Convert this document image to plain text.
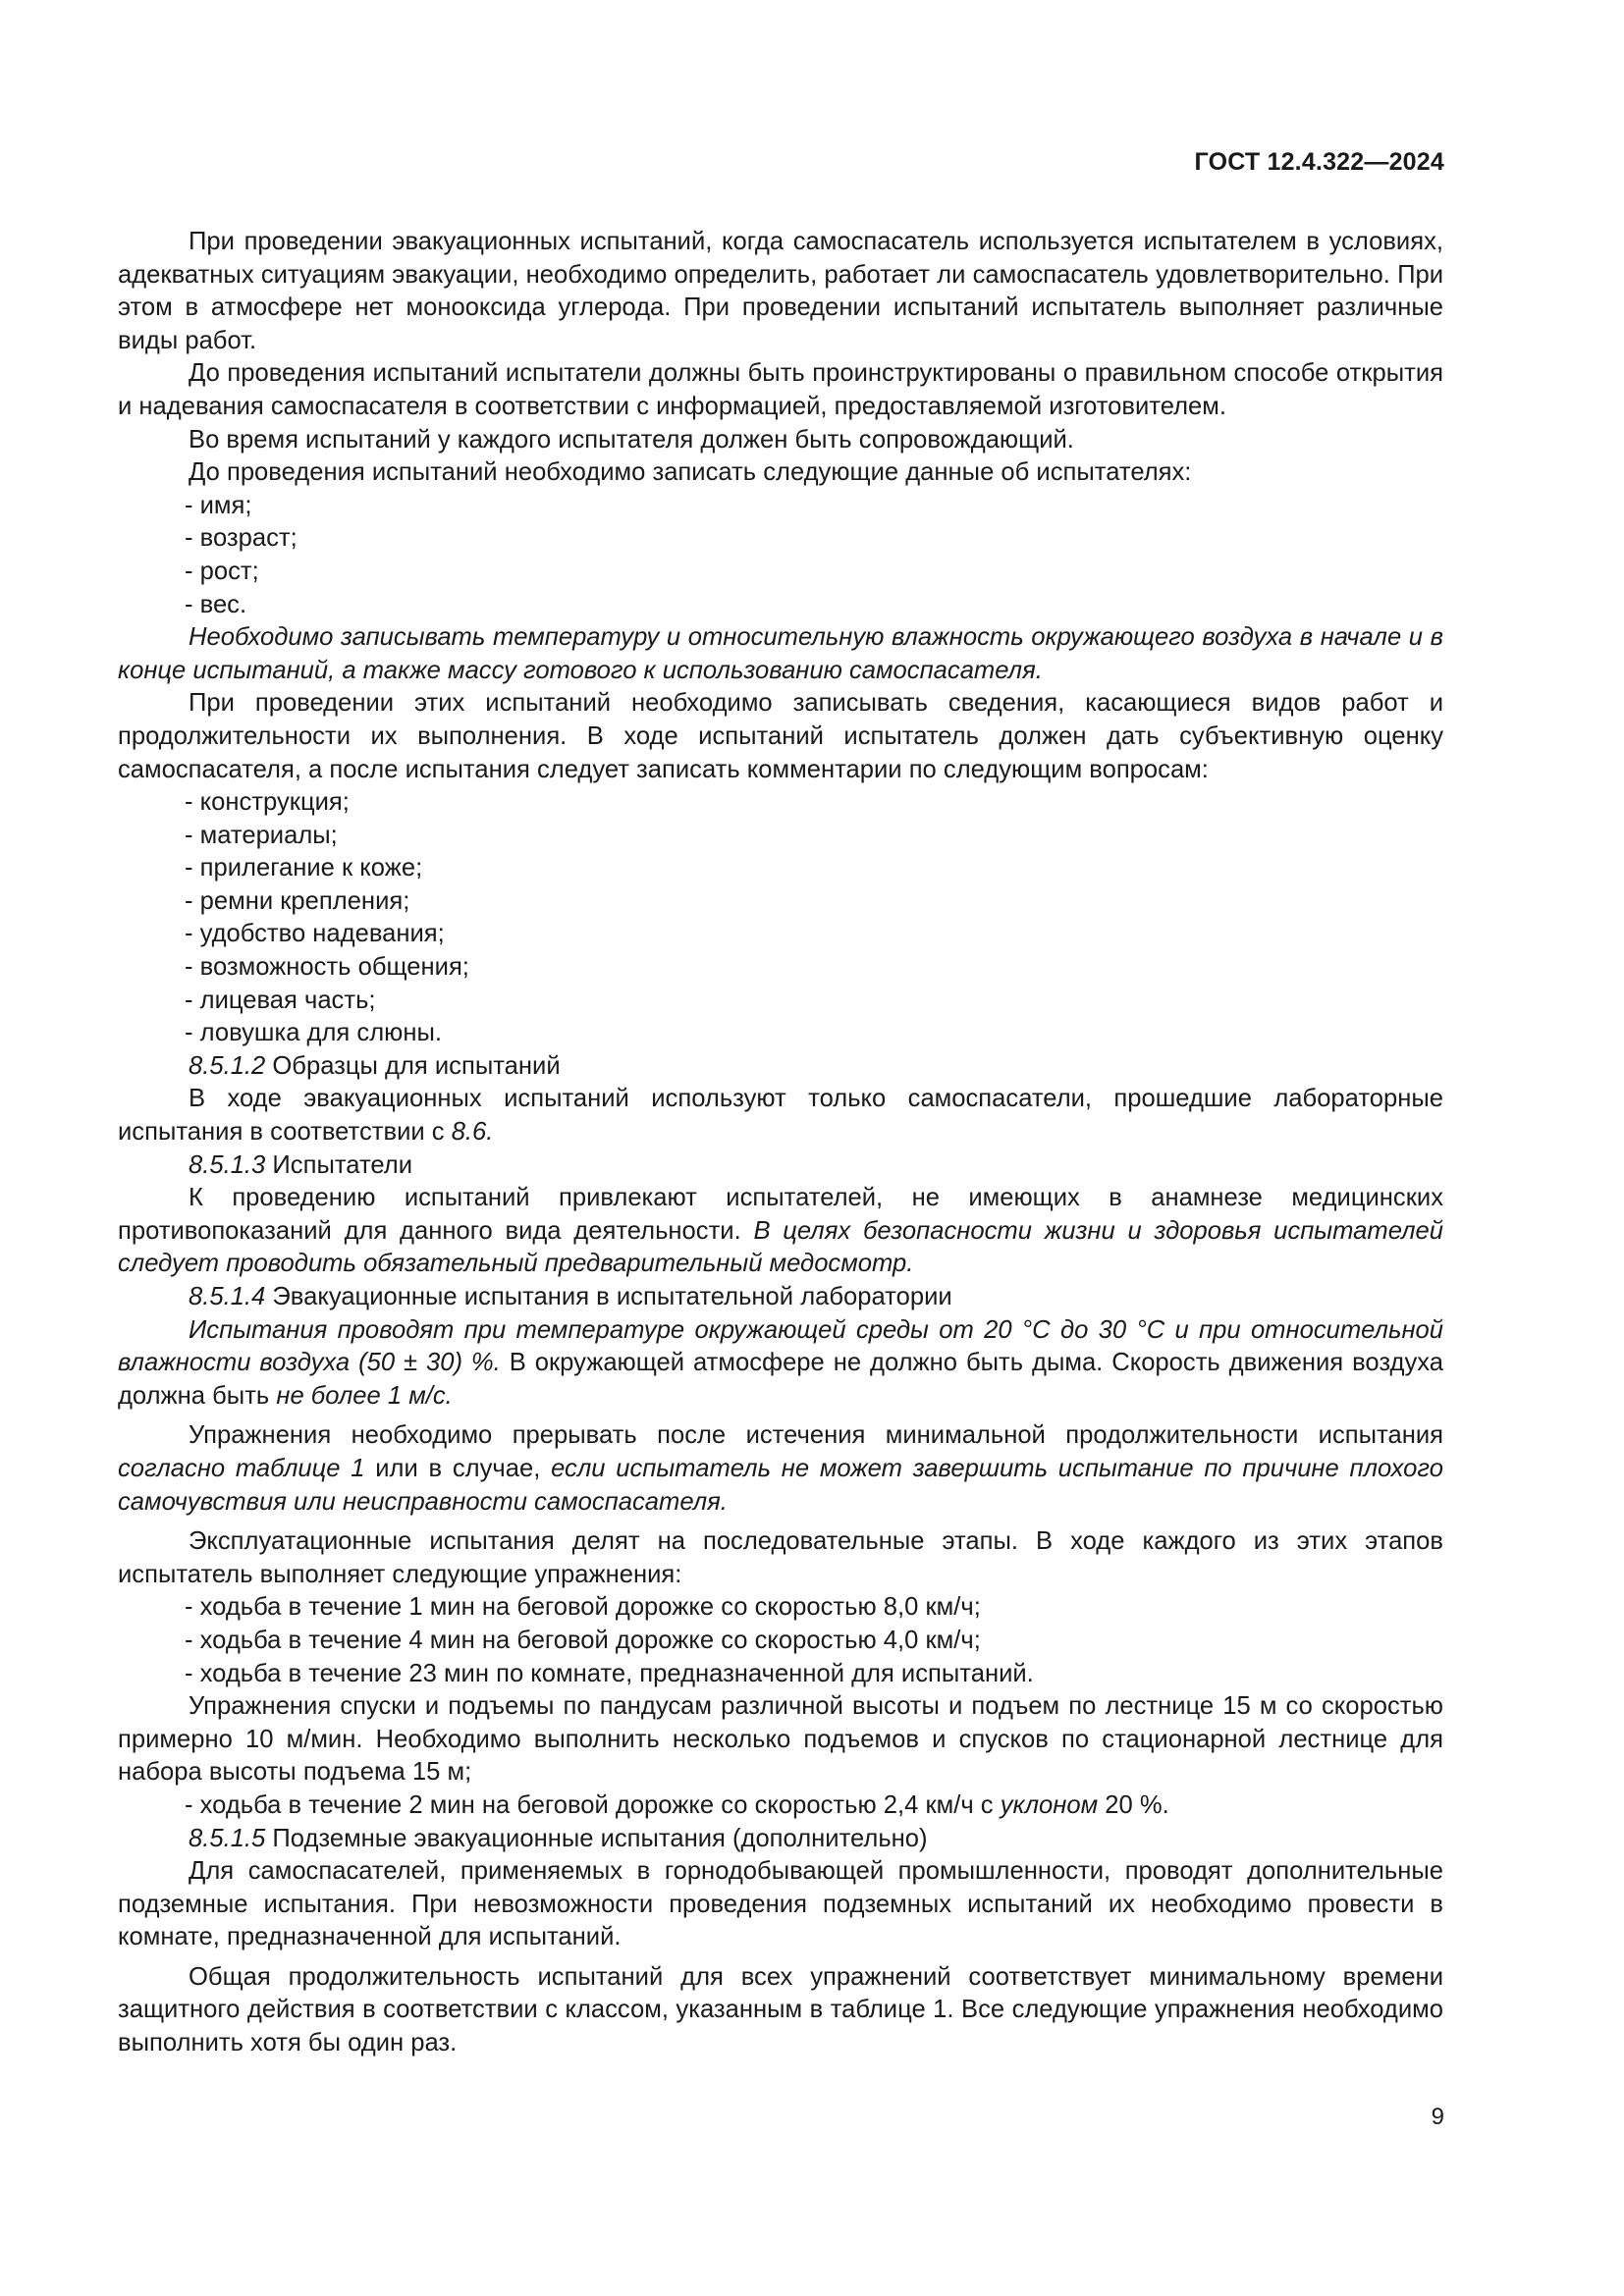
ГОСТ 12.4.322—2024

При проведении эвакуационных испытаний, когда самоспасатель используется испытателем в условиях, адекватных ситуациям эвакуации, необходимо определить, работает ли самоспасатель удовлетворительно. При этом в атмосфере нет монооксида углерода. При проведении испытаний испытатель выполняет различные виды работ.

До проведения испытаний испытатели должны быть проинструктированы о правильном способе открытия и надевания самоспасателя в соответствии с информацией, предоставляемой изготовителем.

Во время испытаний у каждого испытателя должен быть сопровождающий.

До проведения испытаний необходимо записать следующие данные об испытателях:

- имя;

- возраст;

- рост;

- вес.

Необходимо записывать температуру и относительную влажность окружающего воздуха в начале и в конце испытаний, а также массу готового к использованию самоспасателя.

При проведении этих испытаний необходимо записывать сведения, касающиеся видов работ и продолжительности их выполнения. В ходе испытаний испытатель должен дать субъективную оценку самоспасателя, а после испытания следует записать комментарии по следующим вопросам:

- конструкция;

- материалы;

- прилегание к коже;

- ремни крепления;

- удобство надевания;

- возможность общения;

- лицевая часть;

- ловушка для слюны.

8.5.1.2 Образцы для испытаний

В ходе эвакуационных испытаний используют только самоспасатели, прошедшие лабораторные испытания в соответствии с 8.6.

8.5.1.3 Испытатели

К проведению испытаний привлекают испытателей, не имеющих в анамнезе медицинских противопоказаний для данного вида деятельности. В целях безопасности жизни и здоровья испытателей следует проводить обязательный предварительный медосмотр.

8.5.1.4 Эвакуационные испытания в испытательной лаборатории

Испытания проводят при температуре окружающей среды от 20 °С до 30 °С и при относительной влажности воздуха (50 ± 30) %. В окружающей атмосфере не должно быть дыма. Скорость движения воздуха должна быть не более 1 м/с.

Упражнения необходимо прерывать после истечения минимальной продолжительности испытания согласно таблице 1 или в случае, если испытатель не может завершить испытание по причине плохого самочувствия или неисправности самоспасателя.

Эксплуатационные испытания делят на последовательные этапы. В ходе каждого из этих этапов испытатель выполняет следующие упражнения:

- ходьба в течение 1 мин на беговой дорожке со скоростью 8,0 км/ч;

- ходьба в течение 4 мин на беговой дорожке со скоростью 4,0 км/ч;

- ходьба в течение 23 мин по комнате, предназначенной для испытаний.

Упражнения спуски и подъемы по пандусам различной высоты и подъем по лестнице 15 м со скоростью примерно 10 м/мин. Необходимо выполнить несколько подъемов и спусков по стационарной лестнице для набора высоты подъема 15 м;

- ходьба в течение 2 мин на беговой дорожке со скоростью 2,4 км/ч с уклоном 20 %.

8.5.1.5 Подземные эвакуационные испытания (дополнительно)

Для самоспасателей, применяемых в горнодобывающей промышленности, проводят дополнительные подземные испытания. При невозможности проведения подземных испытаний их необходимо провести в комнате, предназначенной для испытаний.

Общая продолжительность испытаний для всех упражнений соответствует минимальному времени защитного действия в соответствии с классом, указанным в таблице 1. Все следующие упражнения необходимо выполнить хотя бы один раз.

9
